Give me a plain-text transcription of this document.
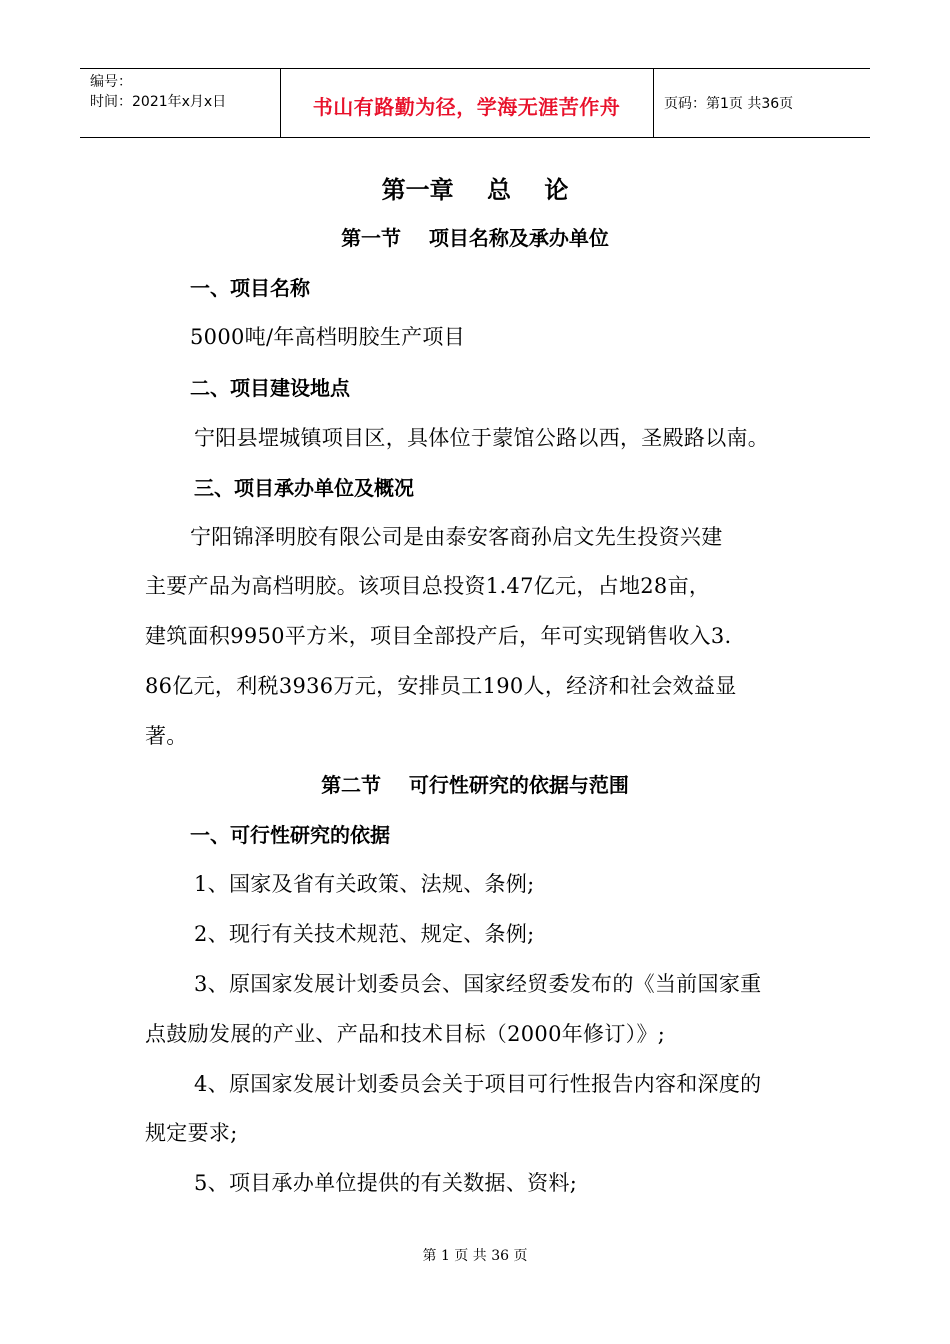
编号：
时间：2021年x月x日	书山有路勤为径，学海无涯苦作舟	页码：第1页 共36页
第一章    总    论
第一节    项目名称及承办单位
一、项目名称
5000吨/年高档明胶生产项目
二、项目建设地点
宁阳县堽城镇项目区，具体位于蒙馆公路以西，圣殿路以南。
三、项目承办单位及概况
宁阳锦泽明胶有限公司是由泰安客商孙启文先生投资兴建
主要产品为高档明胶。该项目总投资1.47亿元，占地28亩，
建筑面积9950平方米，项目全部投产后，年可实现销售收入3.
86亿元，利税3936万元，安排员工190人，经济和社会效益显
著。
第二节    可行性研究的依据与范围
一、可行性研究的依据
1、国家及省有关政策、法规、条例;
2、现行有关技术规范、规定、条例;
3、原国家发展计划委员会、国家经贸委发布的《当前国家重
点鼓励发展的产业、产品和技术目标（2000年修订）》;
4、原国家发展计划委员会关于项目可行性报告内容和深度的
规定要求;
5、项目承办单位提供的有关数据、资料;
第 1 页 共 36 页
